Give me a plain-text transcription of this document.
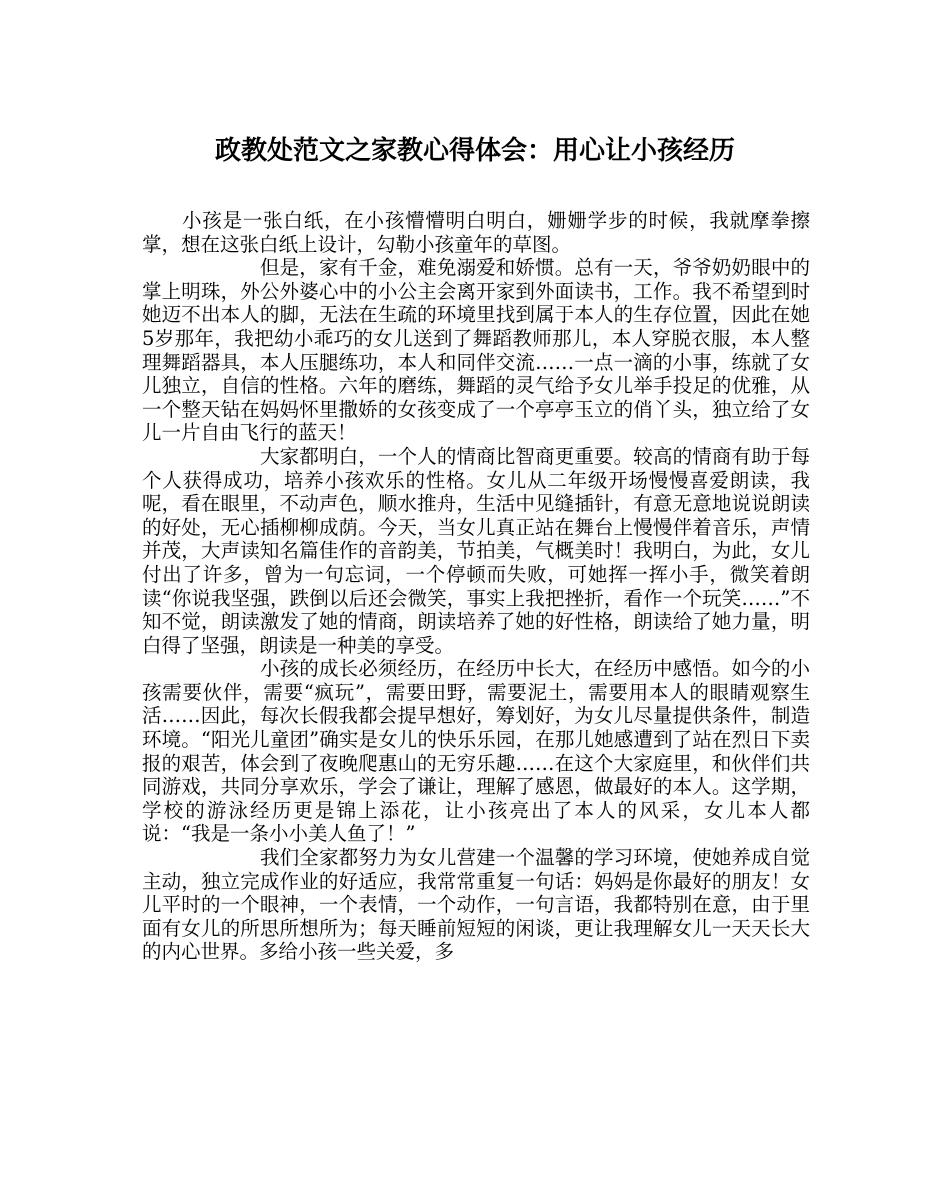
政教处范文之家教心得体会：用心让小孩经历

小孩是一张白纸，在小孩懵懵明白明白，姗姗学步的时候，我就摩拳擦掌，想在这张白纸上设计，勾勒小孩童年的草图。

但是，家有千金，难免溺爱和娇惯。总有一天，爷爷奶奶眼中的掌上明珠，外公外婆心中的小公主会离开家到外面读书，工作。我不希望到时她迈不出本人的脚，无法在生疏的环境里找到属于本人的生存位置，因此在她5岁那年，我把幼小乖巧的女儿送到了舞蹈教师那儿，本人穿脱衣服，本人整理舞蹈器具，本人压腿练功，本人和同伴交流……一点一滴的小事，练就了女儿独立，自信的性格。六年的磨练，舞蹈的灵气给予女儿举手投足的优雅，从一个整天钻在妈妈怀里撒娇的女孩变成了一个亭亭玉立的俏丫头，独立给了女儿一片自由飞行的蓝天！

大家都明白，一个人的情商比智商更重要。较高的情商有助于每个人获得成功，培养小孩欢乐的性格。女儿从二年级开场慢慢喜爱朗读，我呢，看在眼里，不动声色，顺水推舟，生活中见缝插针，有意无意地说说朗读的好处，无心插柳柳成荫。今天，当女儿真正站在舞台上慢慢伴着音乐，声情并茂，大声读知名篇佳作的音韵美，节拍美，气概美时！我明白，为此，女儿付出了许多，曾为一句忘词，一个停顿而失败，可她挥一挥小手，微笑着朗读“你说我坚强，跌倒以后还会微笑，事实上我把挫折，看作一个玩笑……”不知不觉，朗读激发了她的情商，朗读培养了她的好性格，朗读给了她力量，明白得了坚强，朗读是一种美的享受。

小孩的成长必须经历，在经历中长大，在经历中感悟。如今的小孩需要伙伴，需要“疯玩”，需要田野，需要泥土，需要用本人的眼睛观察生活……因此，每次长假我都会提早想好，筹划好，为女儿尽量提供条件，制造环境。“阳光儿童团”确实是女儿的快乐乐园，在那儿她感遭到了站在烈日下卖报的艰苦，体会到了夜晚爬惠山的无穷乐趣……在这个大家庭里，和伙伴们共同游戏，共同分享欢乐，学会了谦让，理解了感恩，做最好的本人。这学期，学校的游泳经历更是锦上添花，让小孩亮出了本人的风采，女儿本人都说：“我是一条小小美人鱼了！”

我们全家都努力为女儿营建一个温馨的学习环境，使她养成自觉主动，独立完成作业的好适应，我常常重复一句话：妈妈是你最好的朋友！女儿平时的一个眼神，一个表情，一个动作，一句言语，我都特别在意，由于里面有女儿的所思所想所为；每天睡前短短的闲谈，更让我理解女儿一天天长大的内心世界。多给小孩一些关爱，多
